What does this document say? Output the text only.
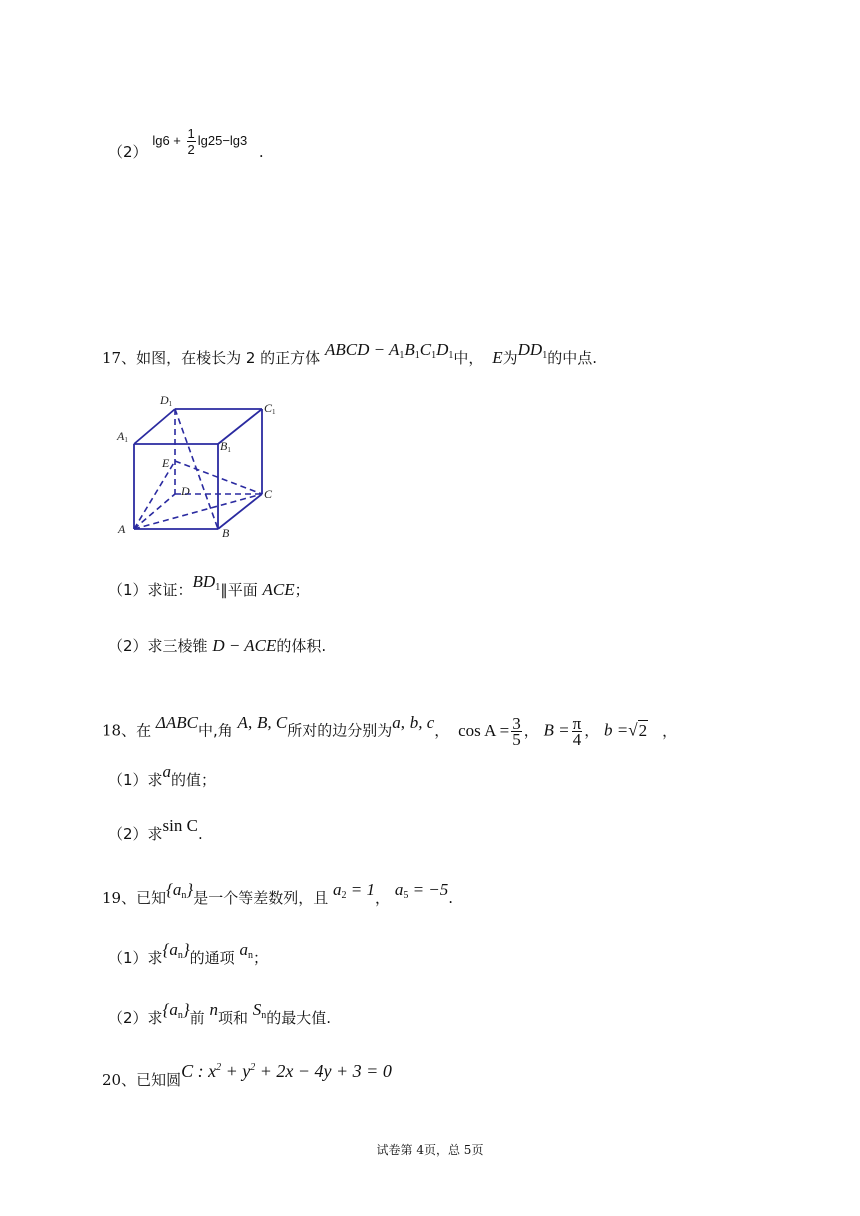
（2） $\lg 6 + \frac{1}{2} \lg 25-\lg 3$ .
17、如图，在棱长为 2 的正方体 ABCD − $A_1B_1C_1D_1$中， E为$DD_1$的中点.
D1	C1
A1	B1
E
D	C
A	B
（1）求证：$BD_1\parallel$平面 ACE；
（2）求三棱锥 D − ACE的体积.
18、在 ΔABC中,角 A, B, C所对的边分别为a, b, c， $\cos A = \frac{3}{5}$ ， $B = \frac{\pi}{4}$ ， b =√2 ，
（1）求a的值；
（2）求sin C.
19、已知$\{a_n\}$是一个等差数列，且 $a_2 = 1$， $a_5 = -5$.
（1）求$\{a_n\}$的通项 $a_n$；
（2）求$\{a_n\}$前 n项和 $S_n$的最大值.
20、已知圆C : $x^2 + y^2 + 2x - 4y + 3 = 0$
试卷第 4页，总 5页
